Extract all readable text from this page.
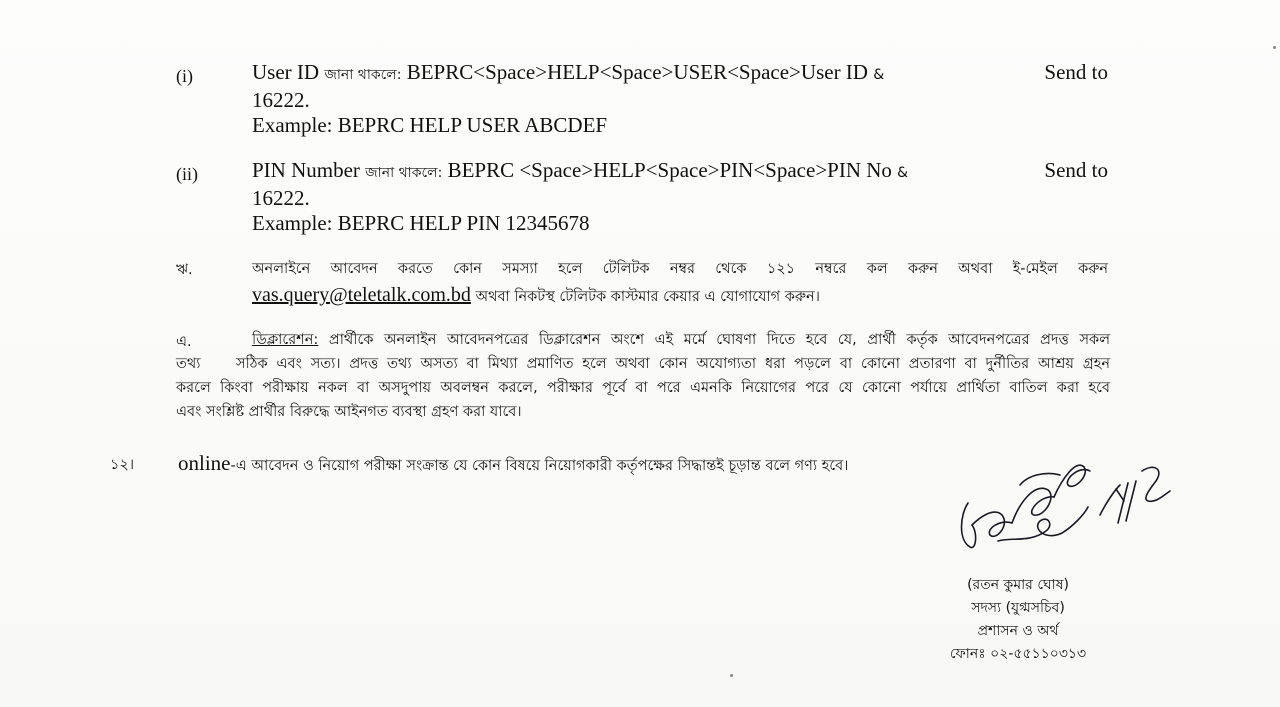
(i)	User ID জানা থাকলে: BEPRC<Space>HELP<Space>USER<Space>User ID &	Send to
16222.
Example: BEPRC HELP USER ABCDEF
(ii)	PIN Number জানা থাকলে: BEPRC <Space>HELP<Space>PIN<Space>PIN No &	Send to
16222.
Example: BEPRC HELP PIN 12345678
ঋ.	অনলাইনে আবেদন করতে কোন সমস্যা হলে টেলিটক নম্বর থেকে ১২১ নম্বরে কল করুন অথবা ই-মেইল করুন
vas.query@teletalk.com.bd অথবা নিকটস্থ টেলিটক কাস্টমার কেয়ার এ যোগাযোগ করুন।
এ.	ডিক্লারেশন: প্রার্থীকে অনলাইন আবেদনপত্রের ডিক্লারেশন অংশে এই মর্মে ঘোষণা দিতে হবে যে, প্রার্থী কর্তৃক আবেদনপত্রের প্রদত্ত সকল
তথ্য	সঠিক এবং সত্য। প্রদত্ত তথ্য অসত্য বা মিথ্যা প্রমাণিত হলে অথবা কোন অযোগ্যতা ধরা পড়লে বা কোনো প্রতারণা বা দুর্নীতির আশ্রয় গ্রহন
করলে কিংবা পরীক্ষায় নকল বা অসদুপায় অবলম্বন করলে, পরীক্ষার পূর্বে বা পরে এমনকি নিয়োগের পরে যে কোনো পর্যায়ে প্রার্থিতা বাতিল করা হবে
এবং সংশ্লিষ্ট প্রার্থীর বিরুদ্ধে আইনগত ব্যবস্থা গ্রহণ করা যাবে।
১২। online-এ আবেদন ও নিয়োগ পরীক্ষা সংক্রান্ত যে কোন বিষয়ে নিয়োগকারী কর্তৃপক্ষের সিদ্ধান্তই চূড়ান্ত বলে গণ্য হবে।
(রতন কুমার ঘোষ)
সদস্য (যুগ্মসচিব)
প্রশাসন ও অর্থ
ফোনঃ ০২-৫৫১১০৩১৩
